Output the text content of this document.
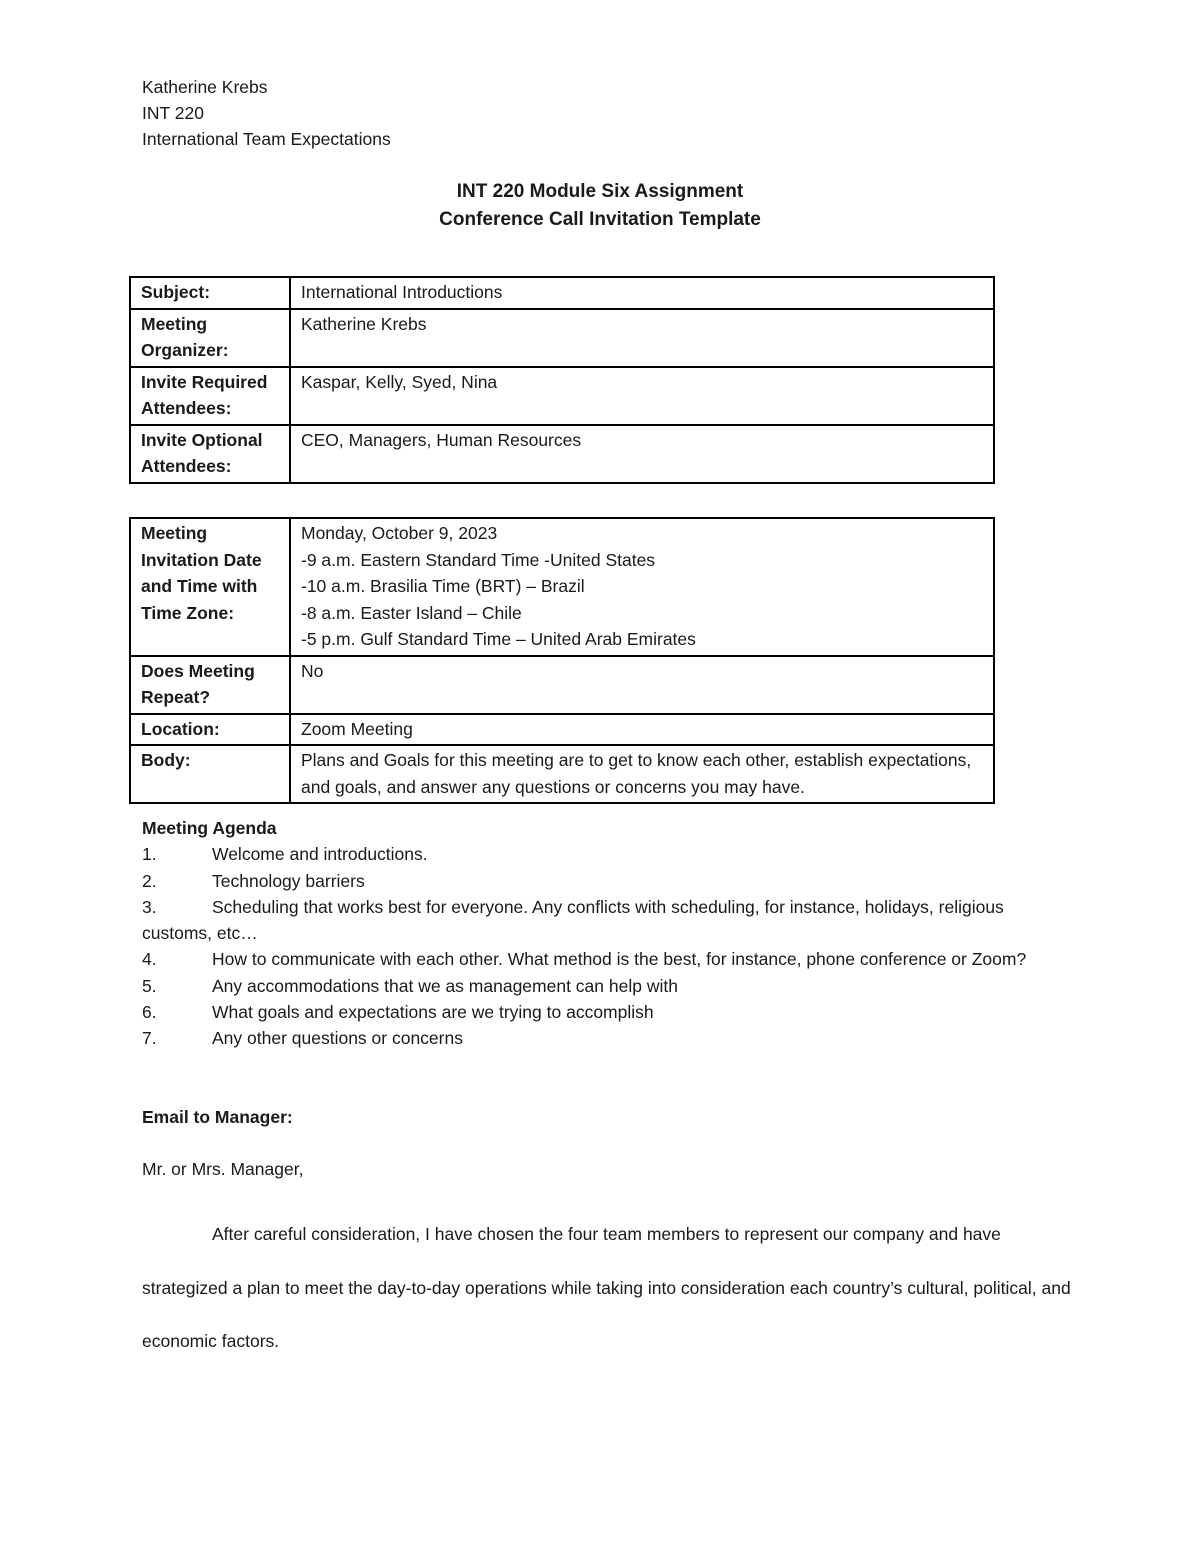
Katherine Krebs
INT 220
International Team Expectations
INT 220 Module Six Assignment
Conference Call Invitation Template
Subject:	International Introductions
Meeting Organizer:	Katherine Krebs
Invite Required Attendees:	Kaspar, Kelly, Syed, Nina
Invite Optional Attendees:	CEO, Managers, Human Resources
Meeting Invitation Date and Time with Time Zone:	Monday, October 9, 2023
-9 a.m. Eastern Standard Time -United States
-10 a.m. Brasilia Time (BRT) – Brazil
-8 a.m. Easter Island – Chile
-5 p.m. Gulf Standard Time – United Arab Emirates

Does Meeting Repeat?	No
Location:	Zoom Meeting
Body:	Plans and Goals for this meeting are to get to know each other, establish expectations, and goals, and answer any questions or concerns you may have.
Meeting Agenda
1.	Welcome and introductions.
2.	Technology barriers
3.	Scheduling that works best for everyone. Any conflicts with scheduling, for instance, holidays, religious customs, etc…
4.	How to communicate with each other. What method is the best, for instance, phone conference or Zoom?
5.	Any accommodations that we as management can help with
6.	What goals and expectations are we trying to accomplish
7.	Any other questions or concerns
Email to Manager:
Mr. or Mrs. Manager,
After careful consideration, I have chosen the four team members to represent our company and have strategized a plan to meet the day-to-day operations while taking into consideration each country’s cultural, political, and economic factors.
